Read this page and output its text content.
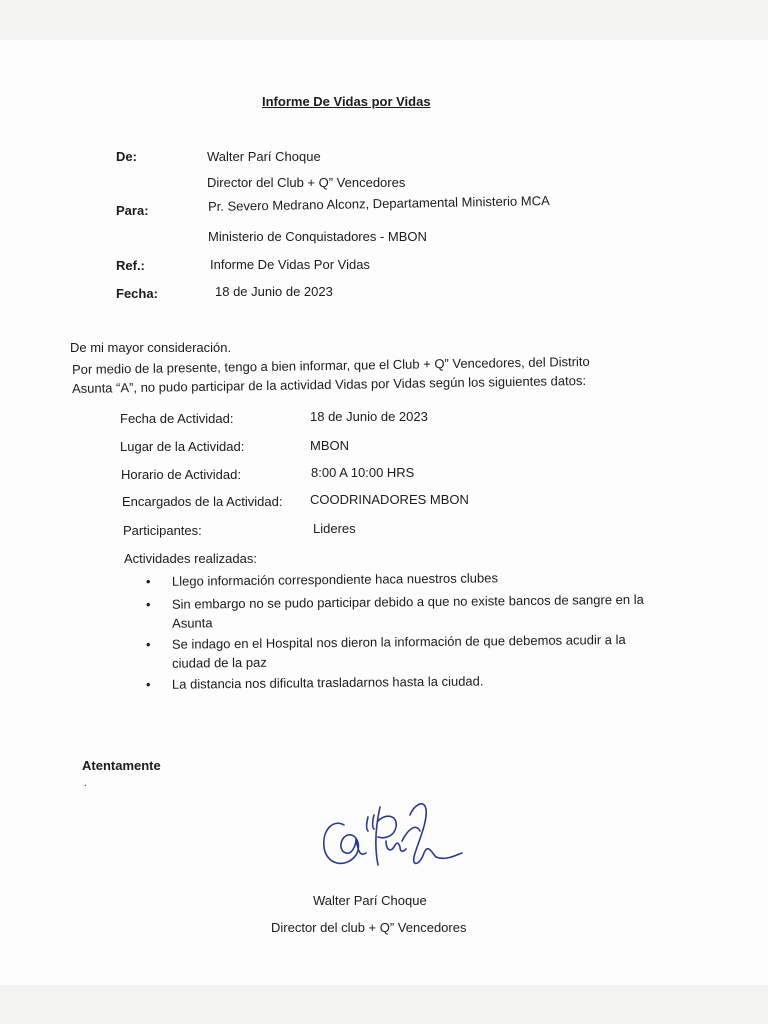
Informe De Vidas por Vidas
De:	Walter Parí Choque
Director del Club + Q” Vencedores
Para:	Pr. Severo Medrano Alconz, Departamental Ministerio MCA
Ministerio de Conquistadores - MBON
Ref.:	Informe De Vidas Por Vidas
Fecha:	18 de Junio de 2023
De mi mayor consideración.
Por medio de la presente, tengo a bien informar, que el Club + Q” Vencedores, del Distrito
Asunta “A”, no pudo participar de la actividad Vidas por Vidas según los siguientes datos:
Fecha de Actividad:	18 de Junio de 2023
Lugar de la Actividad:	MBON
Horario de Actividad:	8:00 A 10:00 HRS
Encargados de la Actividad: COODRINADORES MBON
Participantes:	Lideres
Actividades realizadas:
• Llego información correspondiente haca nuestros clubes
• Sin embargo no se pudo participar debido a que no existe bancos de sangre en la Asunta
• Se indago en el Hospital nos dieron la información de que debemos acudir a la ciudad de la paz
• La distancia nos dificulta trasladarnos hasta la ciudad.
Atentamente
.
Walter Parí Choque
Director del club + Q” Vencedores
